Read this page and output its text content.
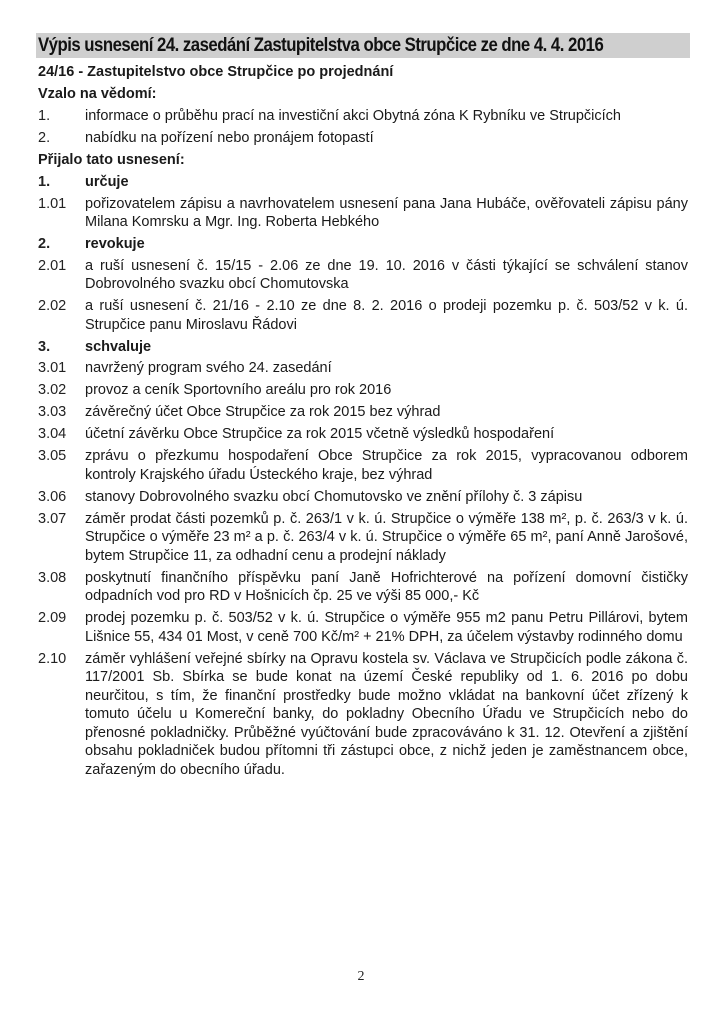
Výpis usnesení 24. zasedání Zastupitelstva obce Strupčice ze dne 4. 4. 2016
24/16 - Zastupitelstvo obce Strupčice po projednání
Vzalo na vědomí:
1.	informace o průběhu prací na investiční akci Obytná zóna K Rybníku ve Strupčicích
2.	nabídku na pořízení nebo pronájem fotopastí
Přijalo tato usnesení:
1.	určuje
1.01	pořizovatelem zápisu a navrhovatelem usnesení pana Jana Hubáče, ověřovateli zápisu pány Milana Komrsku a Mgr. Ing. Roberta Hebkého
2.	revokuje
2.01	a ruší usnesení č. 15/15 - 2.06 ze dne 19. 10. 2016 v části týkající se schválení stanov Dobrovolného svazku obcí Chomutovska
2.02	a ruší usnesení č. 21/16 - 2.10 ze dne 8. 2. 2016 o prodeji pozemku p. č. 503/52 v k. ú. Strupčice panu Miroslavu Řádovi
3.	schvaluje
3.01	navržený program svého 24. zasedání
3.02	provoz a ceník Sportovního areálu pro rok 2016
3.03	závěrečný účet Obce Strupčice za rok 2015 bez výhrad
3.04	účetní závěrku Obce Strupčice za rok 2015 včetně výsledků hospodaření
3.05	zprávu o přezkumu hospodaření Obce Strupčice za rok 2015, vypracovanou odborem kontroly Krajského úřadu Ústeckého kraje, bez výhrad
3.06	stanovy Dobrovolného svazku obcí Chomutovsko ve znění přílohy č. 3 zápisu
3.07	záměr prodat části pozemků p. č. 263/1 v k. ú. Strupčice o výměře 138 m², p. č. 263/3 v k. ú. Strupčice o výměře 23 m² a p. č. 263/4 v k. ú. Strupčice o výměře 65 m², paní Anně Jarošové, bytem Strupčice 11, za odhadní cenu a prodejní náklady
3.08	poskytnutí finančního příspěvku paní Janě Hofrichterové na pořízení domovní čističky odpadních vod pro RD v Hošnicích čp. 25 ve výši 85 000,- Kč
2.09	prodej pozemku p. č. 503/52 v k. ú. Strupčice o výměře 955 m2 panu Petru Pillárovi, bytem Lišnice 55, 434 01 Most, v ceně 700 Kč/m² + 21% DPH, za účelem výstavby rodinného domu
2.10	záměr vyhlášení veřejné sbírky na Opravu kostela sv. Václava ve Strupčicích podle zákona č. 117/2001 Sb. Sbírka se bude konat na území České republiky od 1. 6. 2016 po dobu neurčitou, s tím, že finanční prostředky bude možno vkládat na bankovní účet zřízený k tomuto účelu u Komereční banky, do pokladny Obecního Úřadu ve Strupčicích nebo do přenosné pokladničky. Průběžné vyúčtování bude zpracováváno k 31. 12. Otevření a zjištění obsahu pokladniček budou přítomni tři zástupci obce, z nichž jeden je zaměstnancem obce, zařazeným do obecního úřadu.
2
